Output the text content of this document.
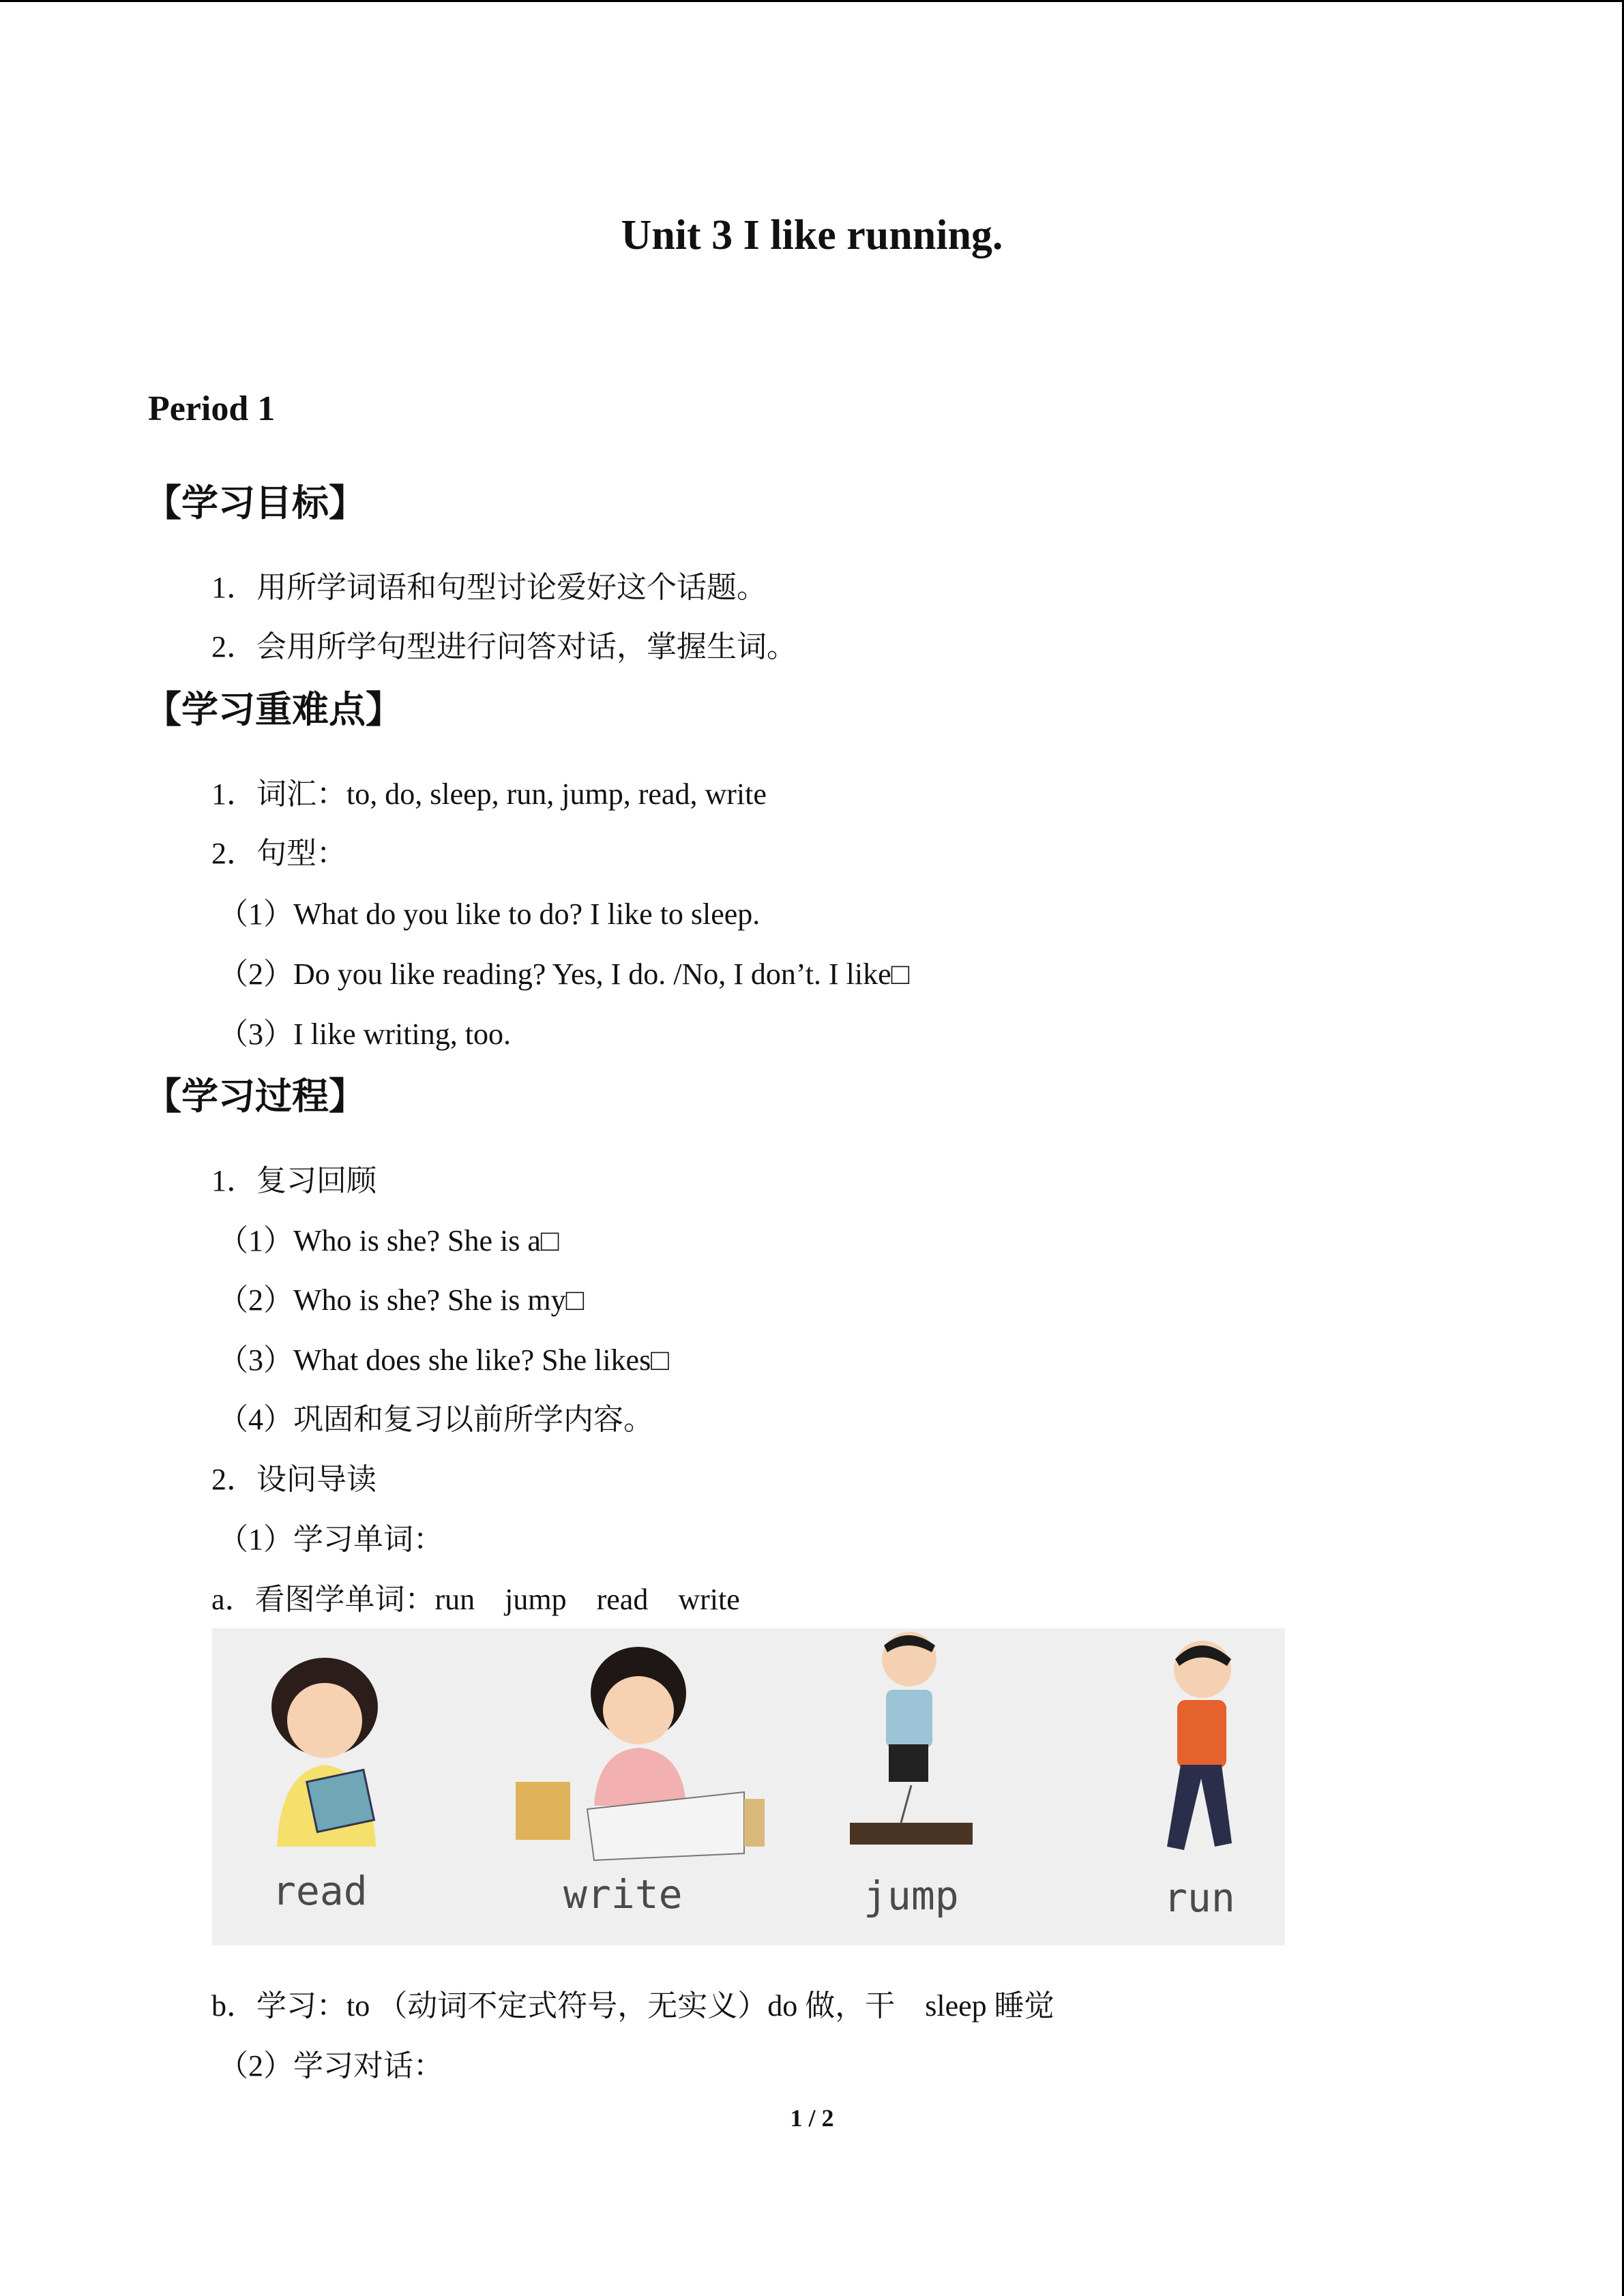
Unit 3 I like running.
Period 1
【学习目标】
1．用所学词语和句型讨论爱好这个话题。
2．会用所学句型进行问答对话，掌握生词。
【学习重难点】
1．词汇：to, do, sleep, run, jump, read, write
2．句型：
（1）What do you like to do? I like to sleep.
（2）Do you like reading? Yes, I do. /No, I don’t. I like□
（3）I like writing, too.
【学习过程】
1．复习回顾
（1）Who is she? She is a□
（2）Who is she? She is my□
（3）What does she like? She likes□
（4）巩固和复习以前所学内容。
2．设问导读
（1）学习单词：
a．看图学单词：run    jump    read    write
read	write	jump	run
b．学习：to （动词不定式符号，无实义）do 做，干    sleep 睡觉
（2）学习对话：
1 / 2
